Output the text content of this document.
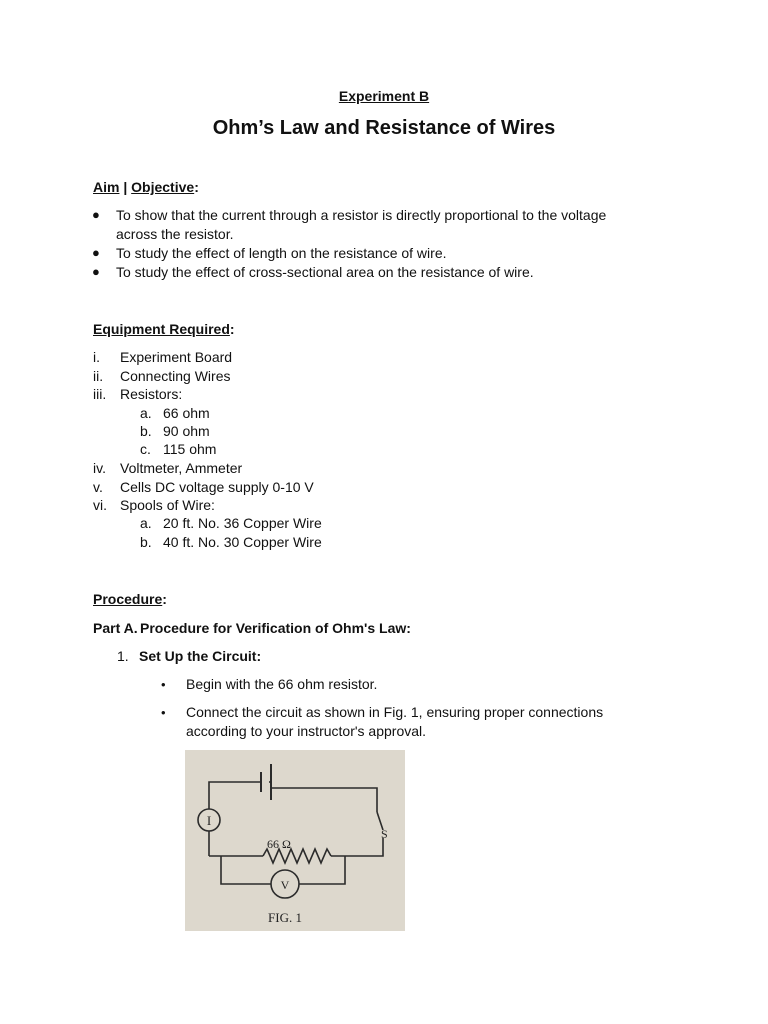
Experiment B
Ohm’s Law and Resistance of Wires
Aim | Objective:
● To show that the current through a resistor is directly proportional to the voltage
across the resistor.
● To study the effect of length on the resistance of wire.
● To study the effect of cross-sectional area on the resistance of wire.
Equipment Required:
i. Experiment Board
ii. Connecting Wires
iii. Resistors:
a. 66 ohm
b. 90 ohm
c. 115 ohm
iv. Voltmeter, Ammeter
v. Cells DC voltage supply 0-10 V
vi. Spools of Wire:
a. 20 ft. No. 36 Copper Wire
b. 40 ft. No. 30 Copper Wire
Procedure:
Part A. Procedure for Verification of Ohm's Law:
1. Set Up the Circuit:
• Begin with the 66 ohm resistor.
• Connect the circuit as shown in Fig. 1, ensuring proper connections
according to your instructor's approval.
I
V
66 Ω
S
FIG. 1
